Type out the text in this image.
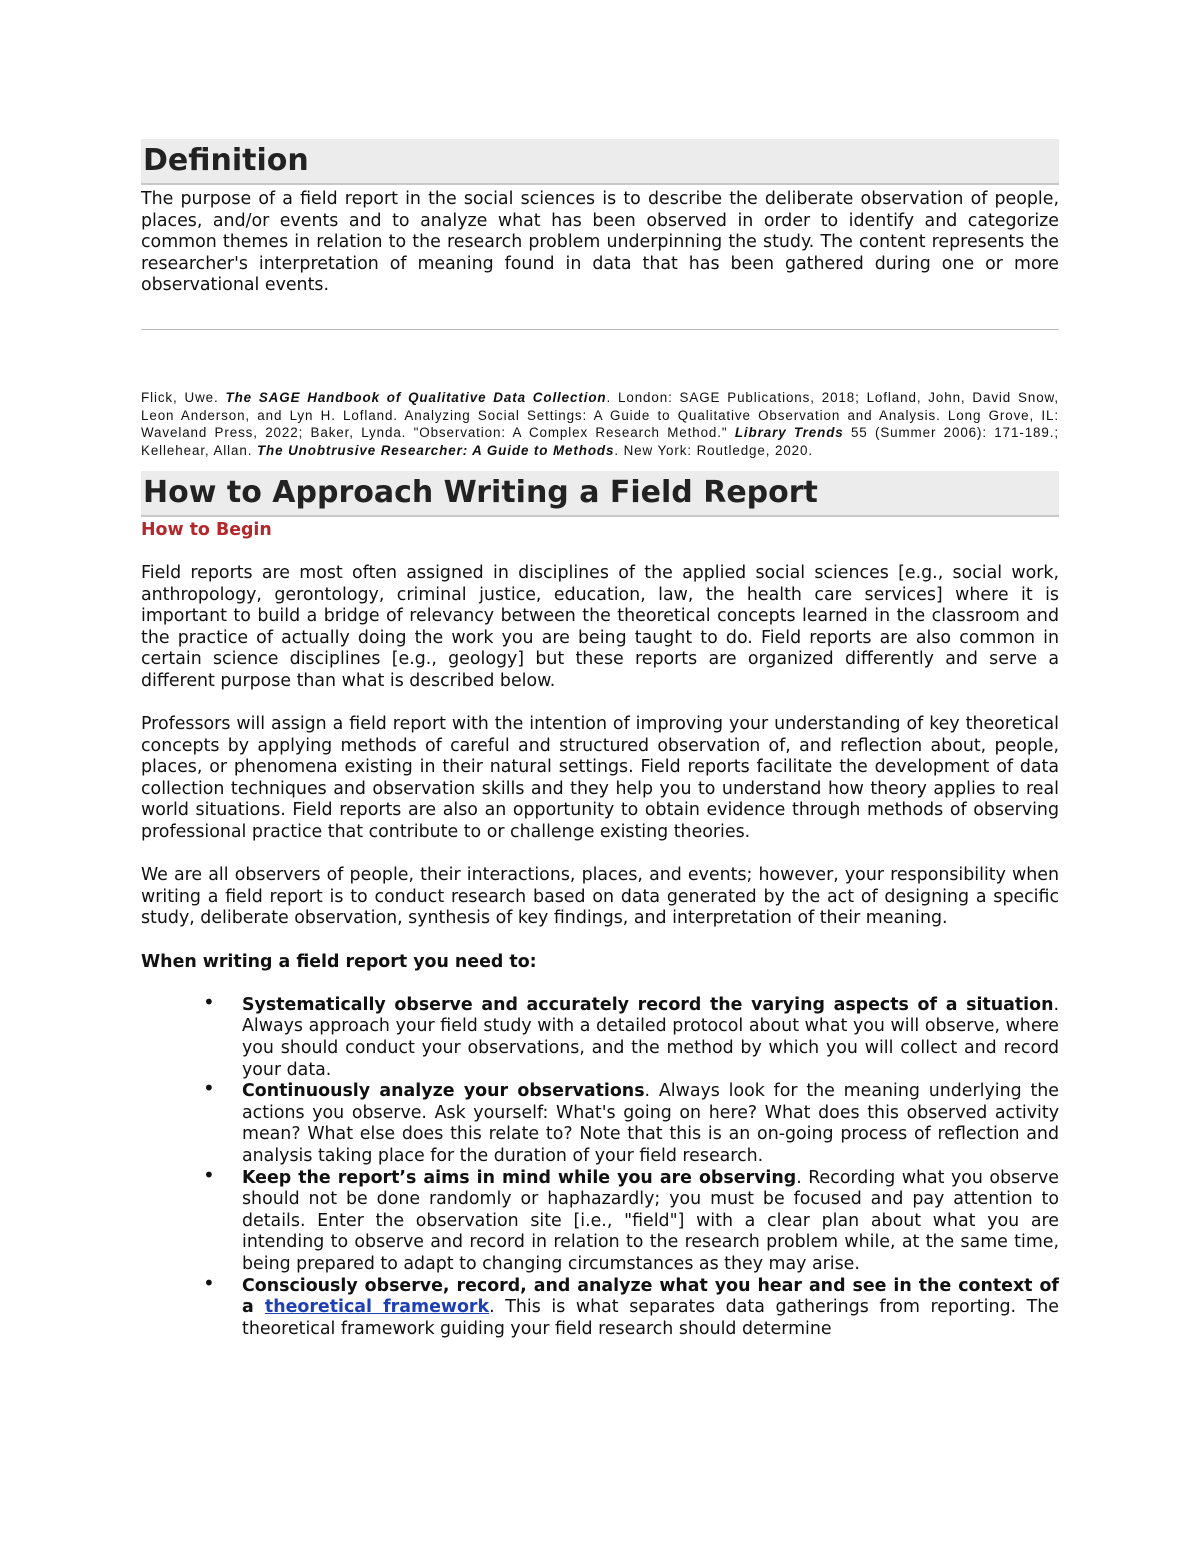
Definition

The purpose of a field report in the social sciences is to describe the deliberate observation of people, places, and/or events and to analyze what has been observed in order to identify and categorize common themes in relation to the research problem underpinning the study. The content represents the researcher's interpretation of meaning found in data that has been gathered during one or more observational events.

Flick, Uwe. The SAGE Handbook of Qualitative Data Collection. London: SAGE Publications, 2018; Lofland, John, David Snow, Leon Anderson, and Lyn H. Lofland. Analyzing Social Settings: A Guide to Qualitative Observation and Analysis. Long Grove, IL: Waveland Press, 2022; Baker, Lynda. "Observation: A Complex Research Method." Library Trends 55 (Summer 2006): 171-189.; Kellehear, Allan. The Unobtrusive Researcher: A Guide to Methods. New York: Routledge, 2020.

How to Approach Writing a Field Report
How to Begin

Field reports are most often assigned in disciplines of the applied social sciences [e.g., social work, anthropology, gerontology, criminal justice, education, law, the health care services] where it is important to build a bridge of relevancy between the theoretical concepts learned in the classroom and the practice of actually doing the work you are being taught to do. Field reports are also common in certain science disciplines [e.g., geology] but these reports are organized differently and serve a different purpose than what is described below.

Professors will assign a field report with the intention of improving your understanding of key theoretical concepts by applying methods of careful and structured observation of, and reflection about, people, places, or phenomena existing in their natural settings. Field reports facilitate the development of data collection techniques and observation skills and they help you to understand how theory applies to real world situations. Field reports are also an opportunity to obtain evidence through methods of observing professional practice that contribute to or challenge existing theories.

We are all observers of people, their interactions, places, and events; however, your responsibility when writing a field report is to conduct research based on data generated by the act of designing a specific study, deliberate observation, synthesis of key findings, and interpretation of their meaning.

When writing a field report you need to:
• Systematically observe and accurately record the varying aspects of a situation. Always approach your field study with a detailed protocol about what you will observe, where you should conduct your observations, and the method by which you will collect and record your data.
• Continuously analyze your observations. Always look for the meaning underlying the actions you observe. Ask yourself: What's going on here? What does this observed activity mean? What else does this relate to? Note that this is an on-going process of reflection and analysis taking place for the duration of your field research.
• Keep the report’s aims in mind while you are observing. Recording what you observe should not be done randomly or haphazardly; you must be focused and pay attention to details. Enter the observation site [i.e., "field"] with a clear plan about what you are intending to observe and record in relation to the research problem while, at the same time, being prepared to adapt to changing circumstances as they may arise.
• Consciously observe, record, and analyze what you hear and see in the context of a theoretical framework. This is what separates data gatherings from reporting. The theoretical framework guiding your field research should determine
